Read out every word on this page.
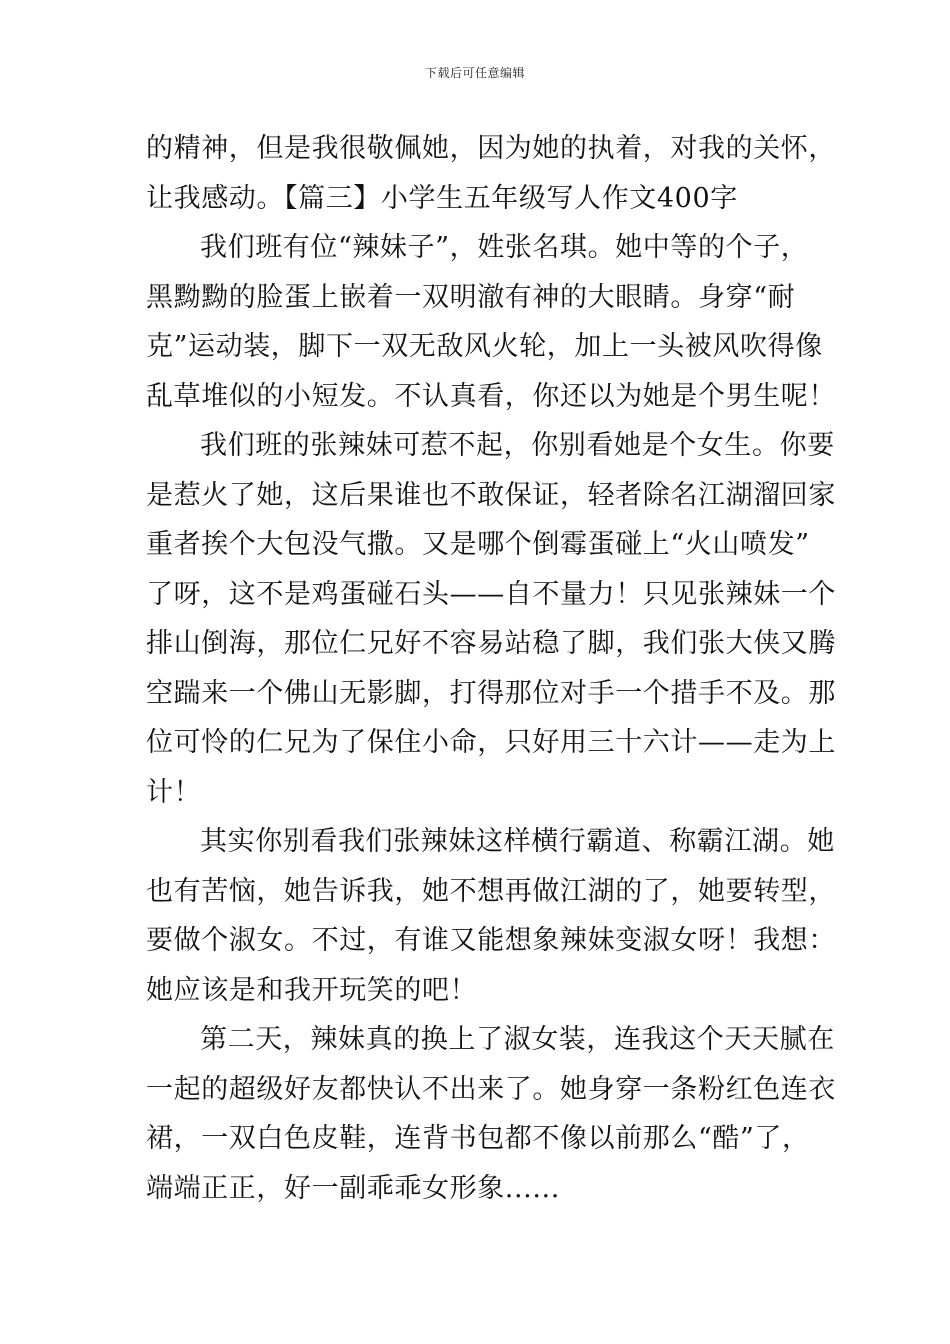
下载后可任意编辑
的精神，但是我很敬佩她，因为她的执着，对我的关怀，
让我感动。【篇三】小学生五年级写人作文400字
我们班有位“辣妹子”，姓张名琪。她中等的个子，
黑黝黝的脸蛋上嵌着一双明澈有神的大眼睛。身穿“耐
克”运动装，脚下一双无敌风火轮，加上一头被风吹得像
乱草堆似的小短发。不认真看，你还以为她是个男生呢！
我们班的张辣妹可惹不起，你别看她是个女生。你要
是惹火了她，这后果谁也不敢保证，轻者除名江湖溜回家
重者挨个大包没气撒。又是哪个倒霉蛋碰上“火山喷发”
了呀，这不是鸡蛋碰石头——自不量力！只见张辣妹一个
排山倒海，那位仁兄好不容易站稳了脚，我们张大侠又腾
空踹来一个佛山无影脚，打得那位对手一个措手不及。那
位可怜的仁兄为了保住小命，只好用三十六计——走为上
计！
其实你别看我们张辣妹这样横行霸道、称霸江湖。她
也有苦恼，她告诉我，她不想再做江湖的了，她要转型，
要做个淑女。不过，有谁又能想象辣妹变淑女呀！我想：
她应该是和我开玩笑的吧！
第二天，辣妹真的换上了淑女装，连我这个天天腻在
一起的超级好友都快认不出来了。她身穿一条粉红色连衣
裙，一双白色皮鞋，连背书包都不像以前那么“酷”了，
端端正正，好一副乖乖女形象......
